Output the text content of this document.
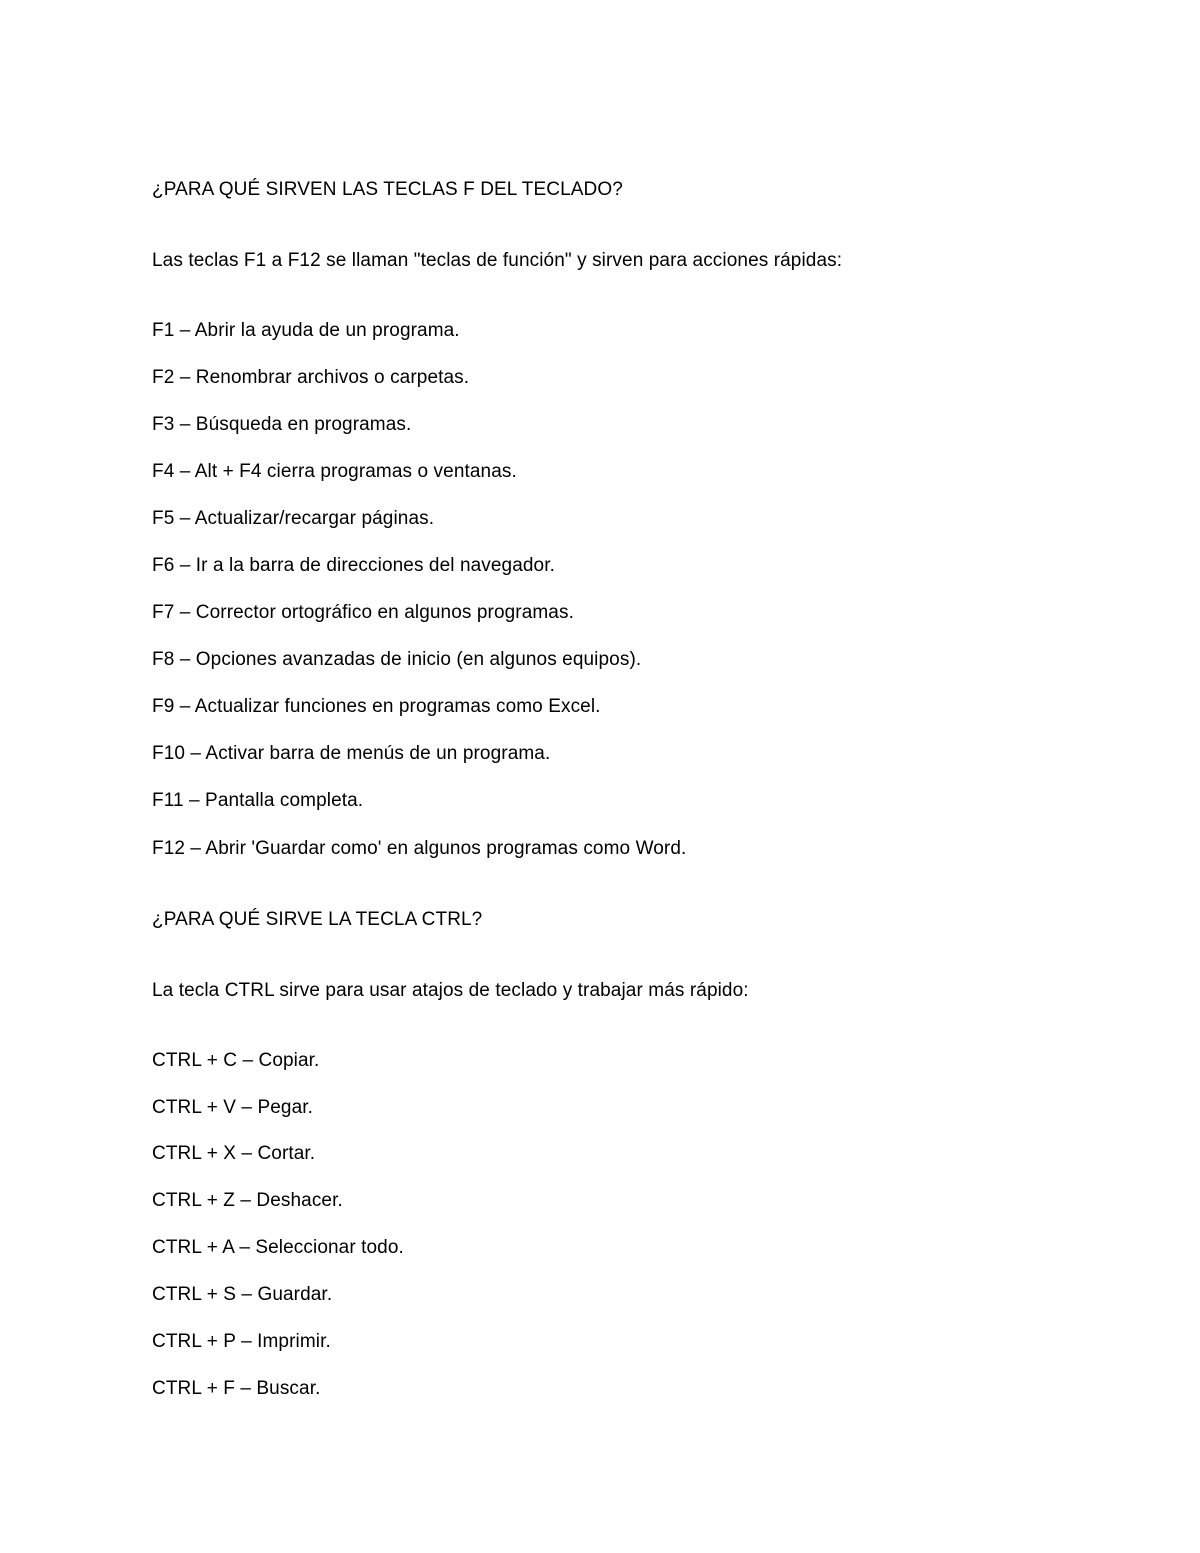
¿PARA QUÉ SIRVEN LAS TECLAS F DEL TECLADO?

Las teclas F1 a F12 se llaman "teclas de función" y sirven para acciones rápidas:

F1 – Abrir la ayuda de un programa.

F2 – Renombrar archivos o carpetas.

F3 – Búsqueda en programas.

F4 – Alt + F4 cierra programas o ventanas.

F5 – Actualizar/recargar páginas.

F6 – Ir a la barra de direcciones del navegador.

F7 – Corrector ortográfico en algunos programas.

F8 – Opciones avanzadas de inicio (en algunos equipos).

F9 – Actualizar funciones en programas como Excel.

F10 – Activar barra de menús de un programa.

F11 – Pantalla completa.

F12 – Abrir 'Guardar como' en algunos programas como Word.

¿PARA QUÉ SIRVE LA TECLA CTRL?

La tecla CTRL sirve para usar atajos de teclado y trabajar más rápido:

CTRL + C – Copiar.

CTRL + V – Pegar.

CTRL + X – Cortar.

CTRL + Z – Deshacer.

CTRL + A – Seleccionar todo.

CTRL + S – Guardar.

CTRL + P – Imprimir.

CTRL + F – Buscar.
